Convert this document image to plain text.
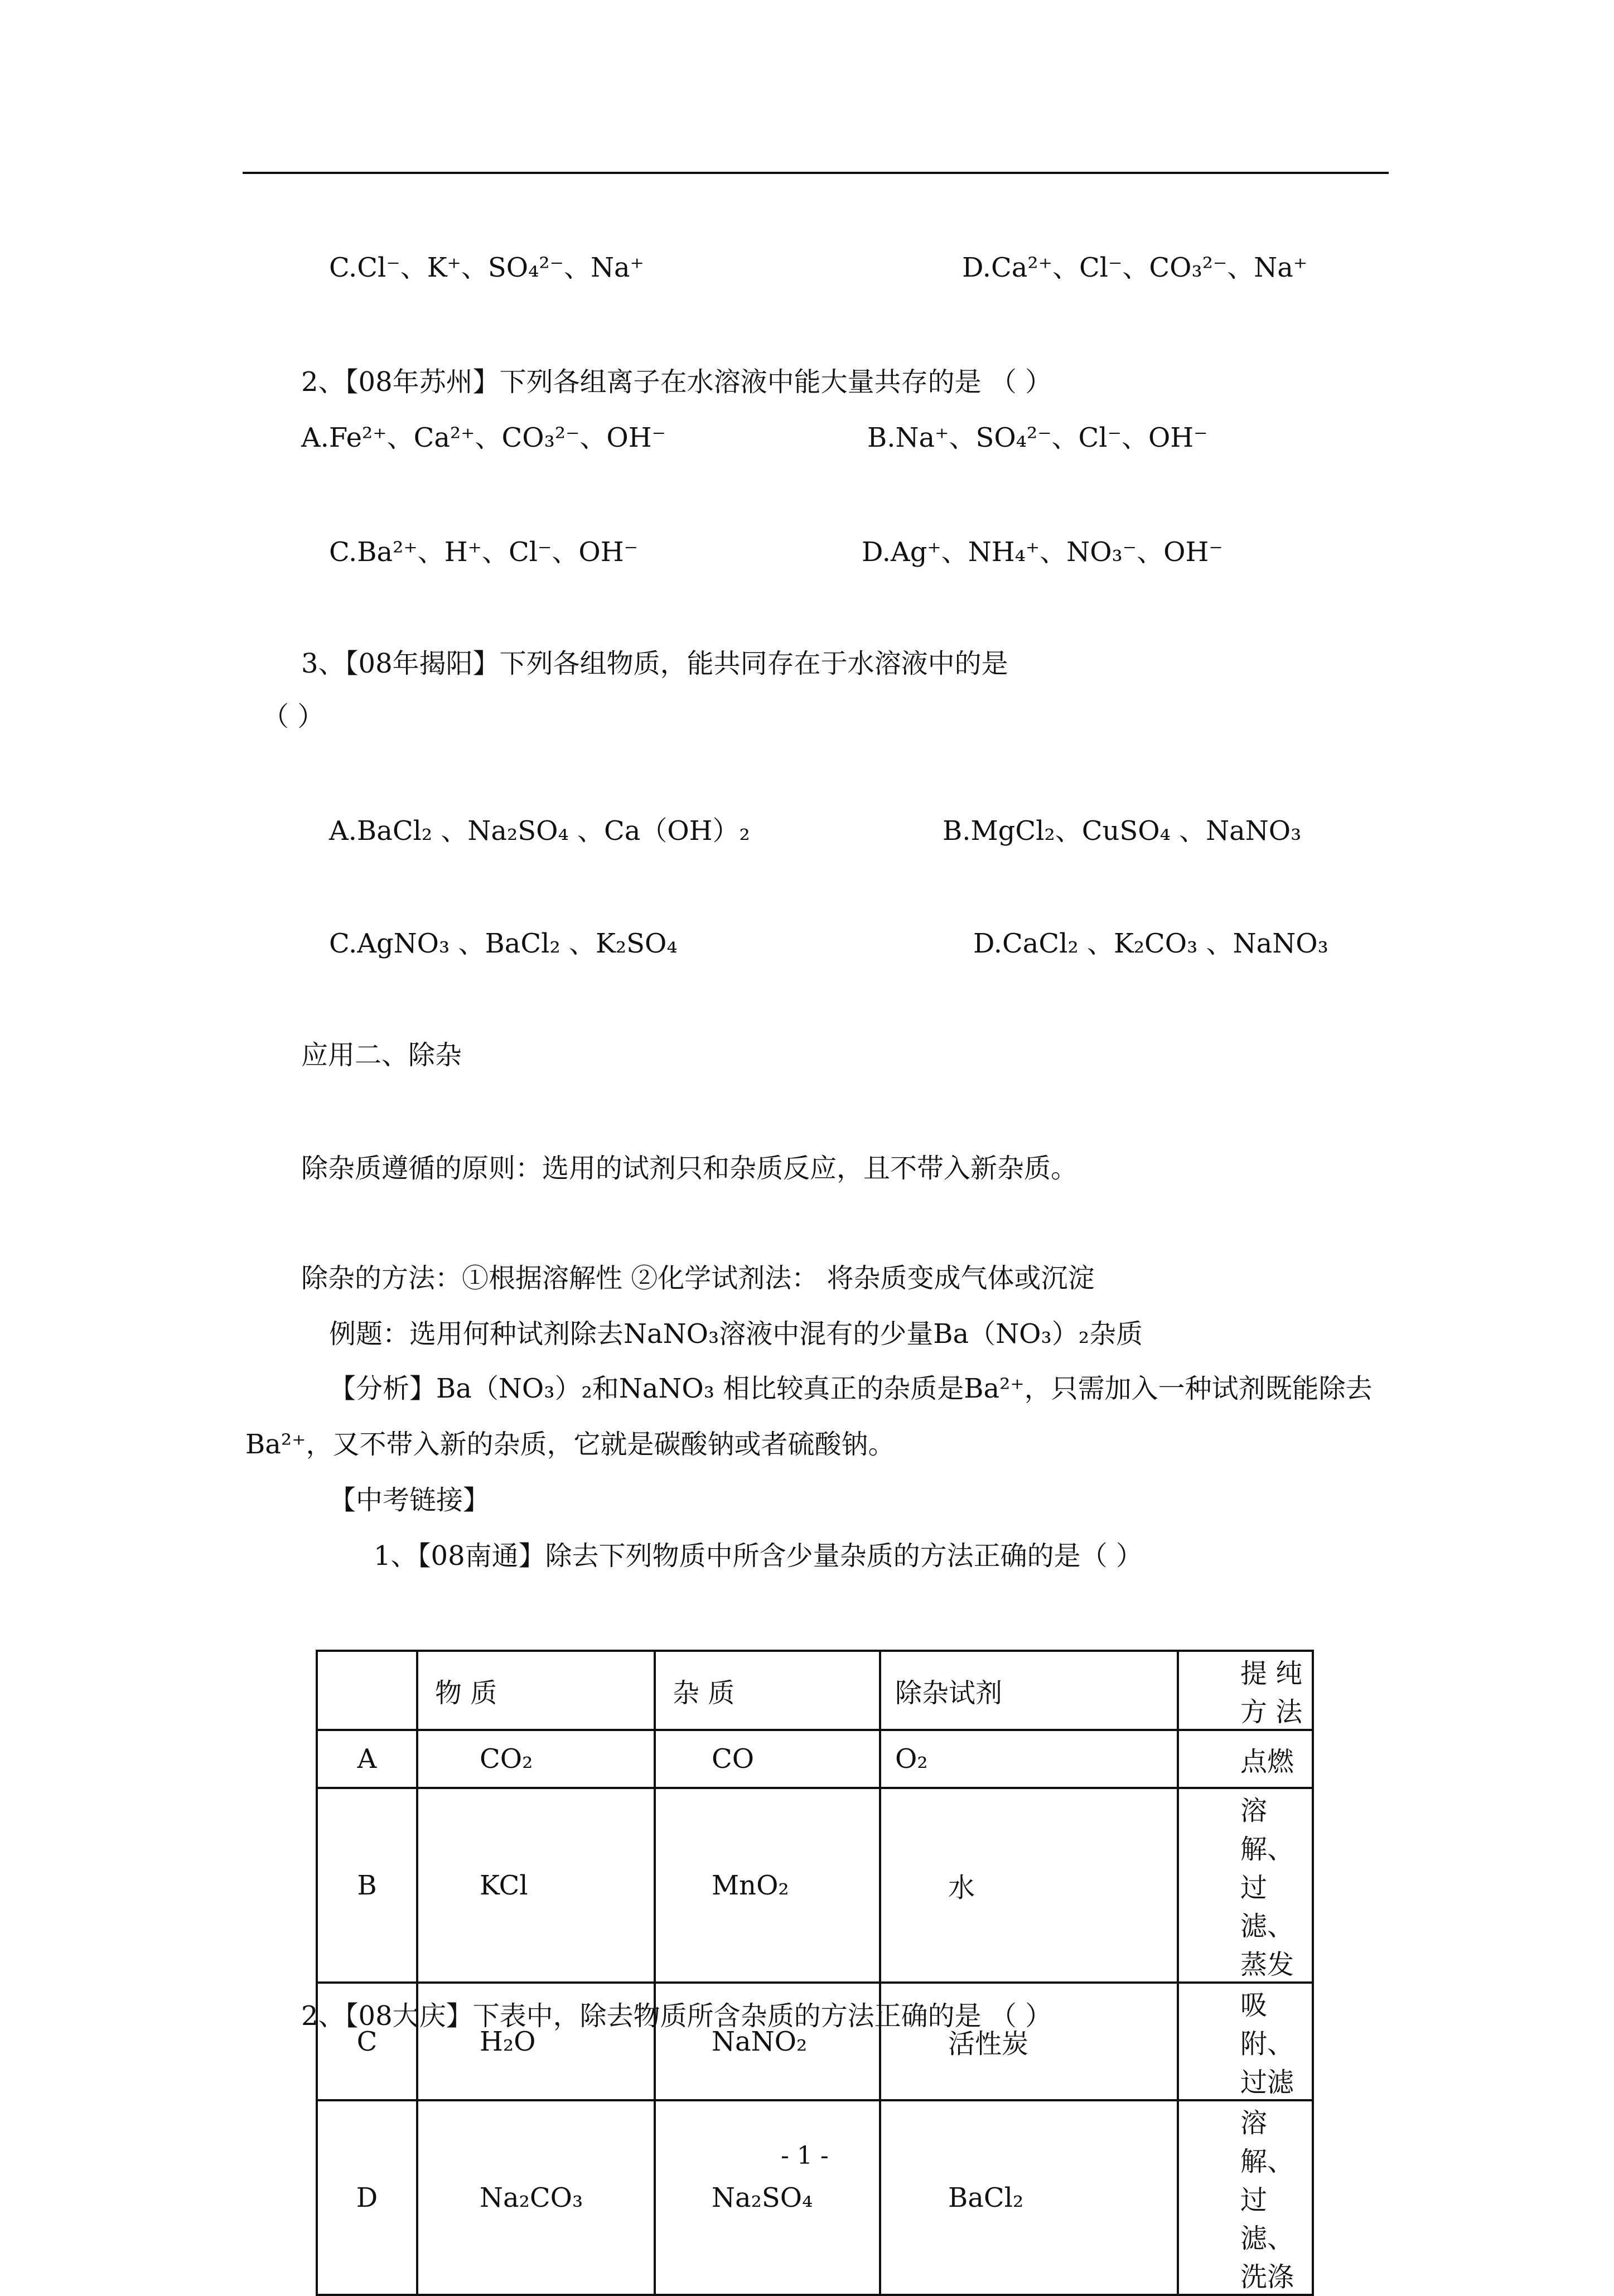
C.Cl⁻、K⁺、SO₄²⁻、Na⁺	D.Ca²⁺、Cl⁻、CO₃²⁻、Na⁺
2、【08年苏州】下列各组离子在水溶液中能大量共存的是 （ ）
A.Fe²⁺、Ca²⁺、CO₃²⁻、OH⁻	B.Na⁺、SO₄²⁻、Cl⁻、OH⁻
C.Ba²⁺、H⁺、Cl⁻、OH⁻	D.Ag⁺、NH₄⁺、NO₃⁻、OH⁻
3、【08年揭阳】下列各组物质，能共同存在于水溶液中的是
（ ）
A.BaCl₂ 、Na₂SO₄ 、Ca（OH）₂	B.MgCl₂、CuSO₄ 、NaNO₃
C.AgNO₃ 、BaCl₂ 、K₂SO₄	D.CaCl₂ 、K₂CO₃ 、NaNO₃
应用二、除杂
除杂质遵循的原则：选用的试剂只和杂质反应，且不带入新杂质。
除杂的方法：①根据溶解性 ②化学试剂法： 将杂质变成气体或沉淀
例题：选用何种试剂除去NaNO₃溶液中混有的少量Ba（NO₃）₂杂质
【分析】Ba（NO₃）₂和NaNO₃ 相比较真正的杂质是Ba²⁺，只需加入一种试剂既能除去
Ba²⁺，又不带入新的杂质，它就是碳酸钠或者硫酸钠。
【中考链接】
1、【08南通】除去下列物质中所含少量杂质的方法正确的是（ ）
	物 质	杂 质	除杂试剂	提 纯 方 法
A	CO₂	CO	O₂	点燃
B	KCl	MnO₂	水	溶解、过滤、蒸发
C	H₂O	NaNO₂	活性炭	吸附、过滤
D	Na₂CO₃	Na₂SO₄	BaCl₂	溶解、过滤、洗涤
2、【08大庆】下表中，除去物质所含杂质的方法正确的是 （ ）
- 1 -
